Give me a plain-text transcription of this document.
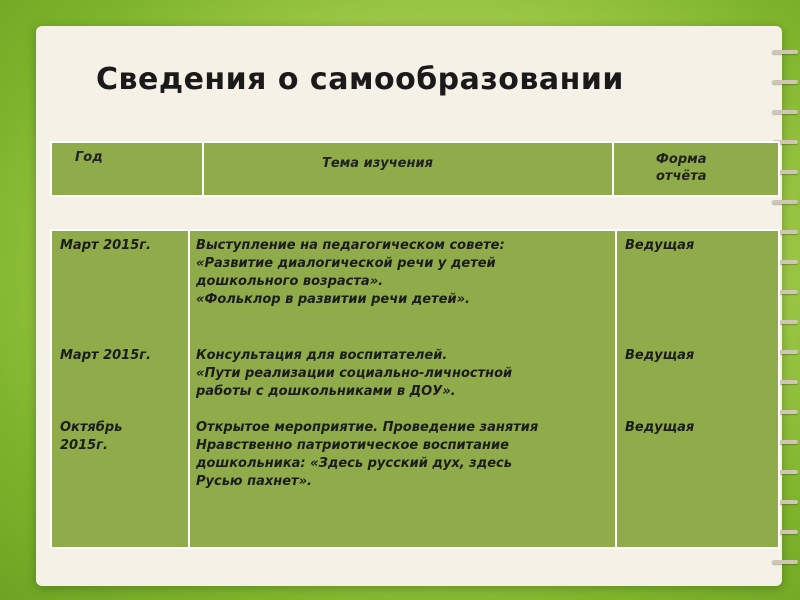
Сведения о самообразовании
Год	Тема изучения	Форма
отчёта
Март 2015г.
Март 2015г.
Октябрь
2015г.
Выступление на педагогическом совете:
«Развитие диалогической речи у детей
дошкольного возраста».
«Фольклор в развитии речи детей».
Консультация для воспитателей.
«Пути реализации социально-личностной
работы с дошкольниками в ДОУ».
Открытое мероприятие. Проведение занятия
Нравственно патриотическое воспитание
дошкольника: «Здесь русский дух, здесь
Русью пахнет».
Ведущая
Ведущая
Ведущая
